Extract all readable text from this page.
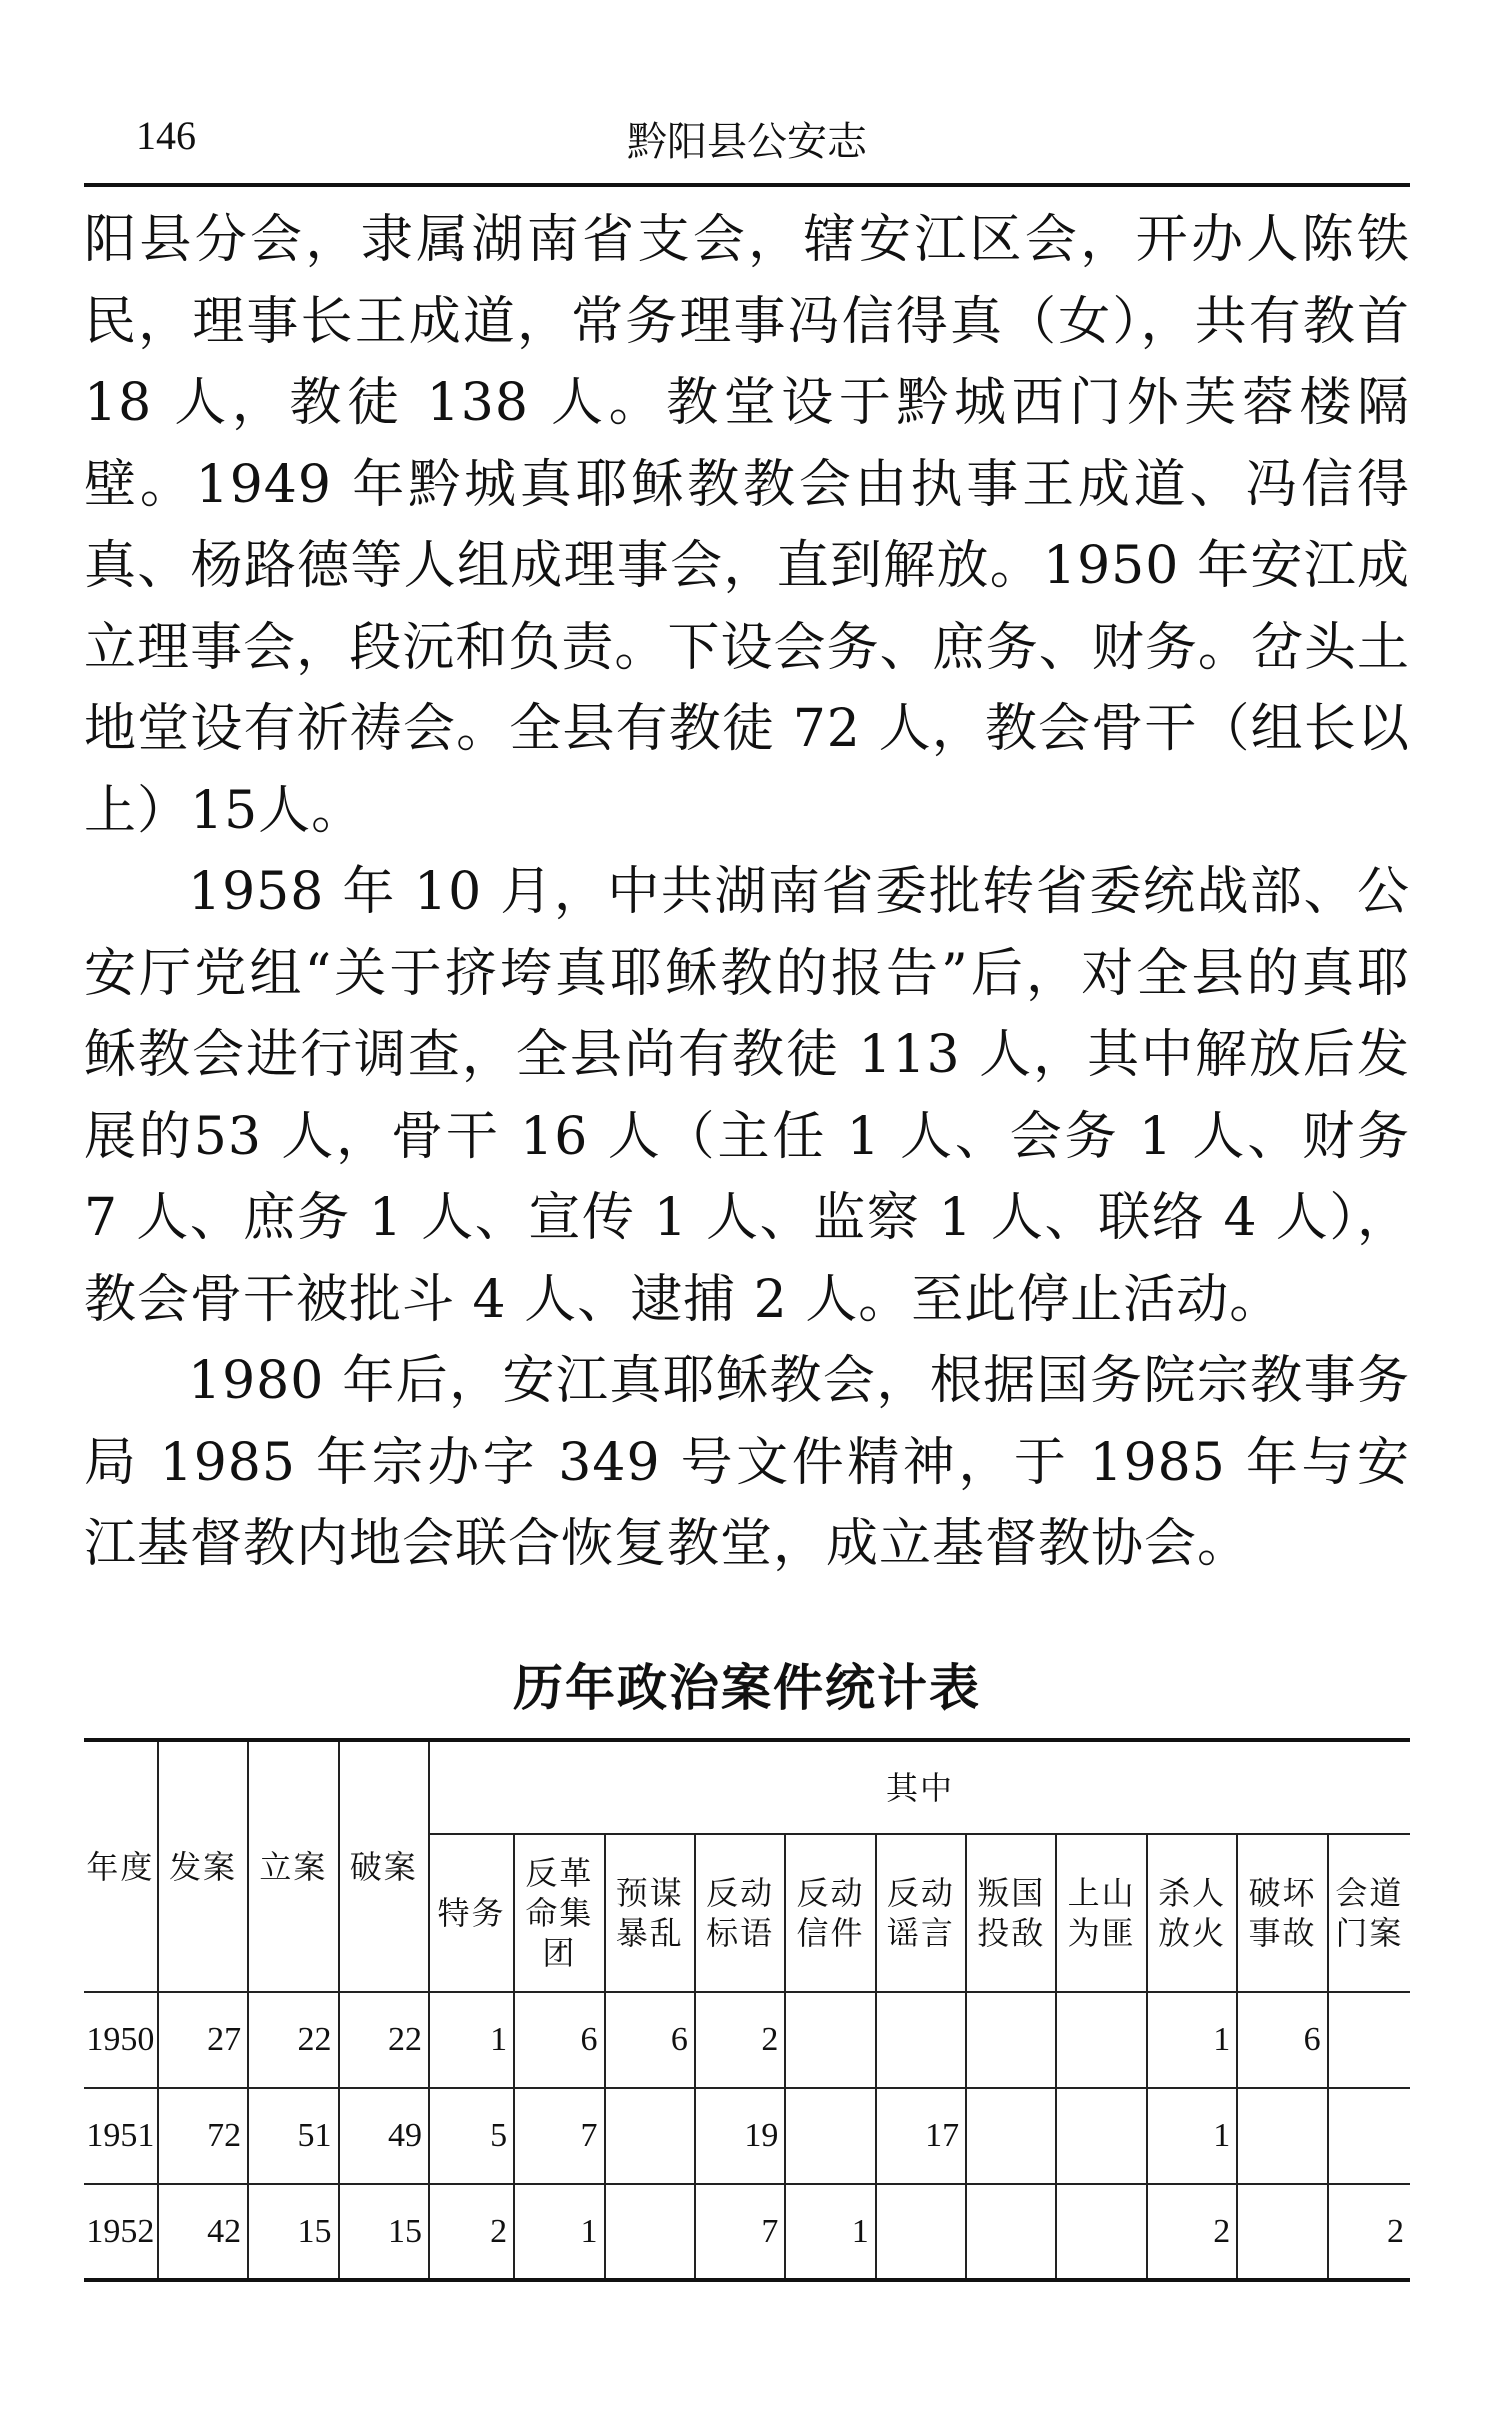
146	黔阳县公安志

阳县分会，隶属湖南省支会，辖安江区会，开办人陈铁民，理事长王成道，常务理事冯信得真（女），共有教首18 人，教徒 138 人。教堂设于黔城西门外芙蓉楼隔壁。1949 年黔城真耶稣教教会由执事王成道、冯信得真、杨路德等人组成理事会，直到解放。1950 年安江成立理事会，段沅和负责。下设会务、庶务、财务。岔头土地堂设有祈祷会。全县有教徒 72 人，教会骨干（组长以上）15人。

1958 年 10 月，中共湖南省委批转省委统战部、公安厅党组“关于挤垮真耶稣教的报告”后，对全县的真耶稣教会进行调查，全县尚有教徒 113 人，其中解放后发展的53 人，骨干 16 人（主任 1 人、会务 1 人、财务 7 人、庶务 1 人、宣传 1 人、监察 1 人、联络 4 人），教会骨干被批斗 4 人、逮捕 2 人。至此停止活动。

1980 年后，安江真耶稣教会，根据国务院宗教事务局 1985 年宗办字 349 号文件精神，于 1985 年与安江基督教内地会联合恢复教堂，成立基督教协会。

历年政治案件统计表
年度	发案	立案	破案	其中										
				特务	反革命集团	预谋暴乱	反动标语	反动信件	反动谣言	叛国投敌	上山为匪	杀人放火	破坏事故	会道门案
1950	27	22	22	1	6	6	2					1	6	
1951	72	51	49	5	7		19		17			1		
1952	42	15	15	2	1		7	1				2		2
